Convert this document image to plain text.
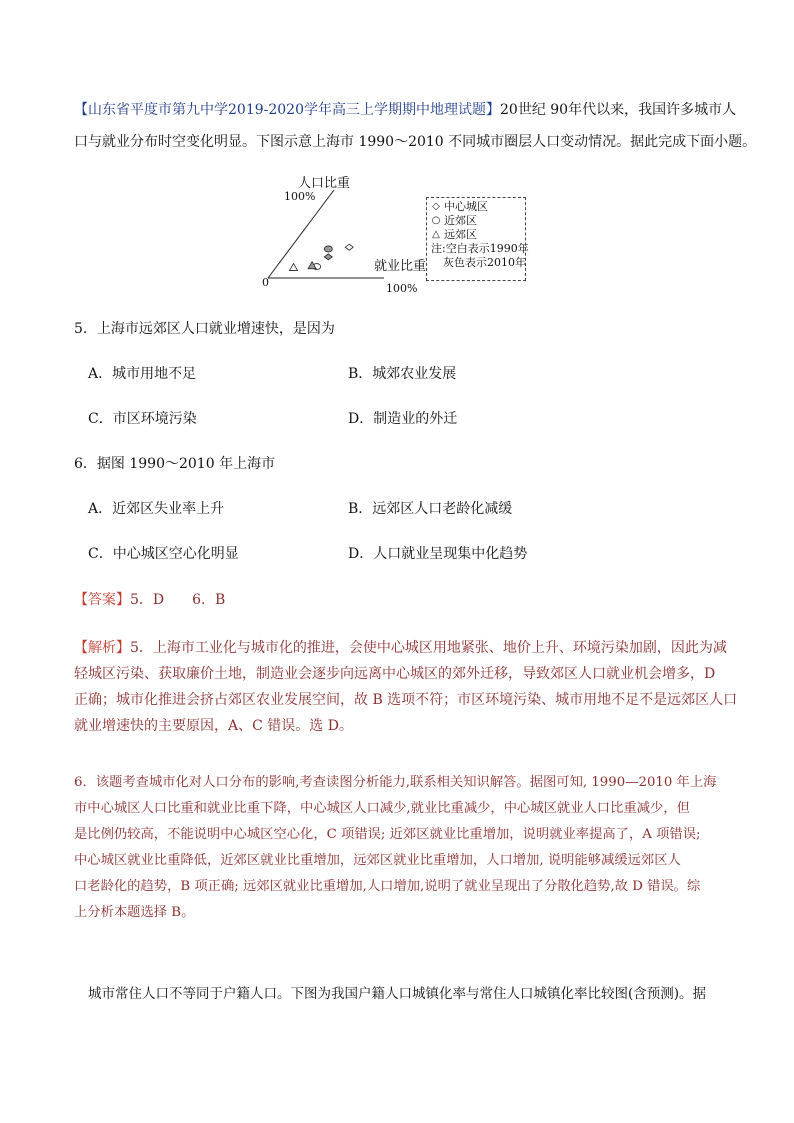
【山东省平度市第九中学2019-2020学年高三上学期期中地理试题】20世纪 90年代以来，我国许多城市人
口与就业分布时空变化明显。下图示意上海市 1990～2010 不同城市圈层人口变动情况。据此完成下面小题。
人口比重
100%
就业比重
100%
0
◇ 中心城区
○ 近郊区
△ 远郊区
注:空白表示1990年
灰色表示2010年
5．上海市远郊区人口就业增速快，是因为
A．城市用地不足	B．城郊农业发展
C．市区环境污染	D．制造业的外迁
6．据图 1990～2010 年上海市
A．近郊区失业率上升	B．远郊区人口老龄化减缓
C．中心城区空心化明显	D．人口就业呈现集中化趋势
【答案】5．D　　6．B
【解析】5．上海市工业化与城市化的推进，会使中心城区用地紧张、地价上升、环境污染加剧，因此为减
轻城区污染、获取廉价土地，制造业会逐步向远离中心城区的郊外迁移，导致郊区人口就业机会增多，D
正确；城市化推进会挤占郊区农业发展空间，故 B 选项不符；市区环境污染、城市用地不足不是远郊区人口
就业增速快的主要原因，A、C 错误。选 D。
6．该题考查城市化对人口分布的影响,考查读图分析能力,联系相关知识解答。据图可知, 1990—2010 年上海
市中心城区人口比重和就业比重下降，中心城区人口减少,就业比重减少，中心城区就业人口比重减少，但
是比例仍较高，不能说明中心城区空心化，C 项错误; 近郊区就业比重增加，说明就业率提高了，A 项错误;
中心城区就业比重降低，近郊区就业比重增加，远郊区就业比重增加，人口增加, 说明能够减缓远郊区人
口老龄化的趋势，B 项正确; 远郊区就业比重增加,人口增加,说明了就业呈现出了分散化趋势,故 D 错误。综
上分析本题选择 B。
城市常住人口不等同于户籍人口。下图为我国户籍人口城镇化率与常住人口城镇化率比较图(含预测)。据
